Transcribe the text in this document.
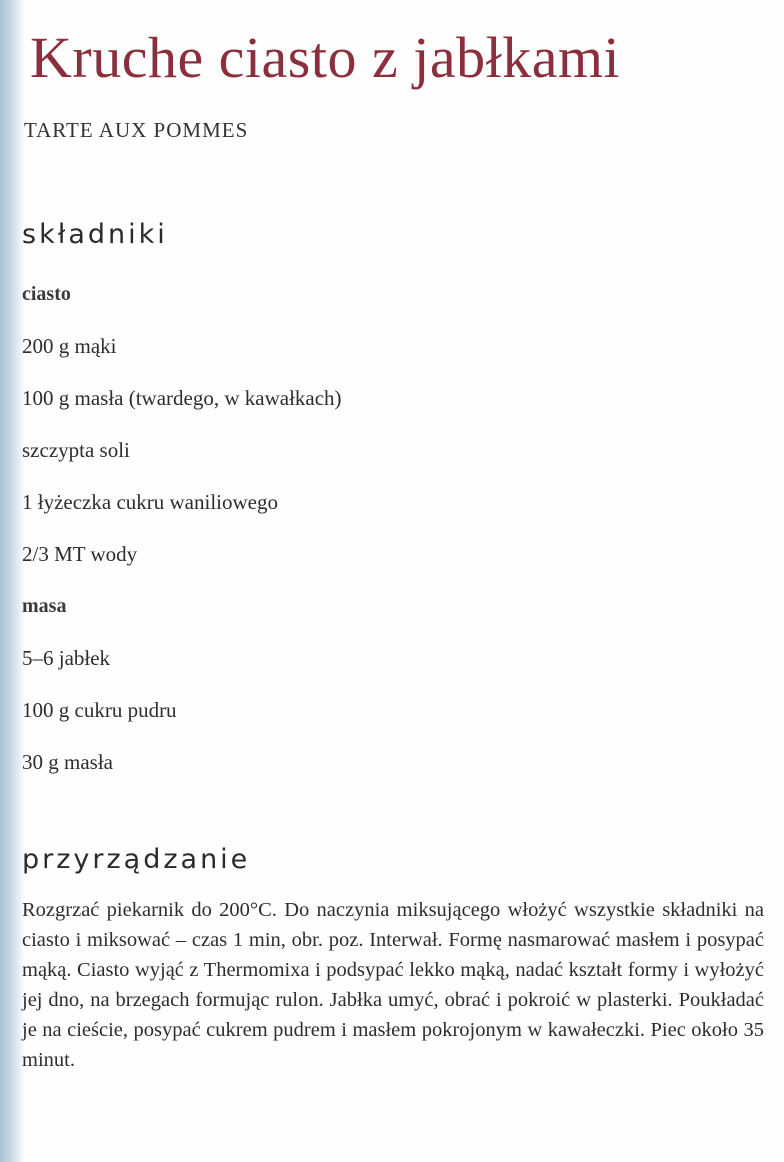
Kruche ciasto z jabłkami
TARTE AUX POMMES
składniki
ciasto
200 g mąki
100 g masła (twardego, w kawałkach)
szczypta soli
1 łyżeczka cukru waniliowego
2/3 MT wody
masa
5–6 jabłek
100 g cukru pudru
30 g masła
przyrządzanie

Rozgrzać piekarnik do 200°C. Do naczynia miksującego włożyć wszystkie składniki na ciasto i miksować – czas 1 min, obr. poz. Interwał. Formę nasmarować masłem i posypać mąką. Ciasto wyjąć z Thermomixa i podsypać lekko mąką, nadać kształt formy i wyłożyć jej dno, na brzegach formując rulon. Jabłka umyć, obrać i pokroić w plasterki. Poukładać je na cieście, posypać cukrem pudrem i masłem pokrojonym w kawałeczki. Piec około 35 minut.
